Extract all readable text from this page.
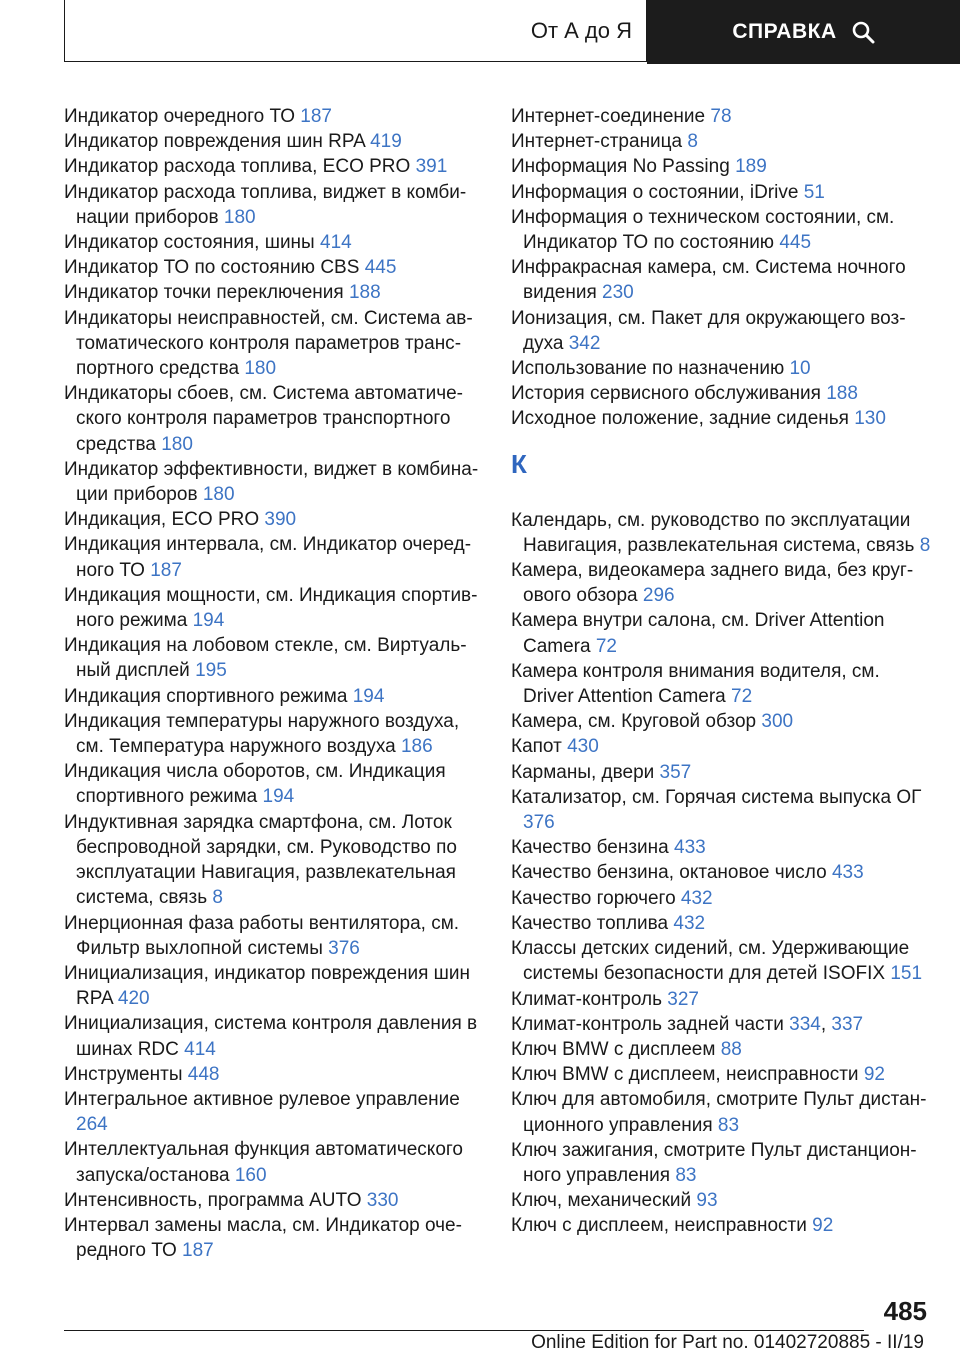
От А до Я	СПРАВКА
Индикатор очередного ТО 187
Индикатор повреждения шин RPA 419
Индикатор расхода топлива, ECO PRO 391
Индикатор расхода топлива, виджет в комбинации приборов 180
Индикатор состояния, шины 414
Индикатор ТО по состоянию CBS 445
Индикатор точки переключения 188
Индикаторы неисправностей, см. Система автоматического контроля параметров транспортного средства 180
Индикаторы сбоев, см. Система автоматического контроля параметров транспортного средства 180
Индикатор эффективности, виджет в комбинации приборов 180
Индикация, ECO PRO 390
Индикация интервала, см. Индикатор очередного ТО 187
Индикация мощности, см. Индикация спортивного режима 194
Индикация на лобовом стекле, см. Виртуальный дисплей 195
Индикация спортивного режима 194
Индикация температуры наружного воздуха, см. Температура наружного воздуха 186
Индикация числа оборотов, см. Индикация спортивного режима 194
Индуктивная зарядка смартфона, см. Лоток беспроводной зарядки, см. Руководство по эксплуатации Навигация, развлекательная система, связь 8
Инерционная фаза работы вентилятора, см. Фильтр выхлопной системы 376
Инициализация, индикатор повреждения шин RPA 420
Инициализация, система контроля давления в шинах RDC 414
Инструменты 448
Интегральное активное рулевое управление 264
Интеллектуальная функция автоматического запуска/останова 160
Интенсивность, программа AUTO 330
Интервал замены масла, см. Индикатор очередного ТО 187
Интернет-соединение 78
Интернет-страница 8
Информация No Passing 189
Информация о состоянии, iDrive 51
Информация о техническом состоянии, см. Индикатор ТО по состоянию 445
Инфракрасная камера, см. Система ночного видения 230
Ионизация, см. Пакет для окружающего воздуха 342
Использование по назначению 10
История сервисного обслуживания 188
Исходное положение, задние сиденья 130
К
Календарь, см. руководство по эксплуатации Навигация, развлекательная система, связь 8
Камера, видеокамера заднего вида, без кругового обзора 296
Камера внутри салона, см. Driver Attention Camera 72
Камера контроля внимания водителя, см. Driver Attention Camera 72
Камера, см. Круговой обзор 300
Капот 430
Карманы, двери 357
Катализатор, см. Горячая система выпуска ОГ 376
Качество бензина 433
Качество бензина, октановое число 433
Качество горючего 432
Качество топлива 432
Классы детских сидений, см. Удерживающие системы безопасности для детей ISOFIX 151
Климат-контроль 327
Климат-контроль задней части 334, 337
Ключ BMW с дисплеем 88
Ключ BMW с дисплеем, неисправности 92
Ключ для автомобиля, смотрите Пульт дистанционного управления 83
Ключ зажигания, смотрите Пульт дистанционного управления 83
Ключ, механический 93
Ключ с дисплеем, неисправности 92
485
Online Edition for Part no. 01402720885 - II/19
